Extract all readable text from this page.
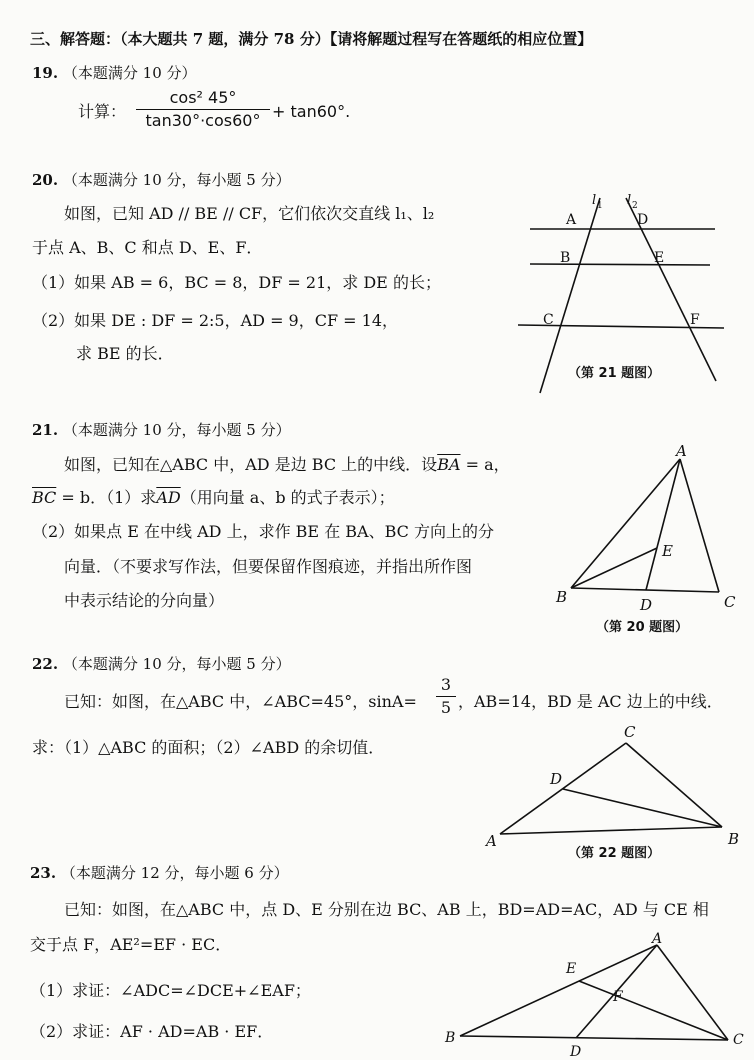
三、解答题：（本大题共 7 题，满分 78 分）【请将解题过程写在答题纸的相应位置】
19. （本题满分 10 分）
计算：
cos² 45°
tan30°·cos60° + tan60°.
20. （本题满分 10 分，每小题 5 分）
如图，已知 AD // BE // CF，它们依次交直线 l₁、l₂
于点 A、B、C 和点 D、E、F．
（1）如果 AB = 6，BC = 8，DF = 21，求 DE 的长；
（2）如果 DE : DF = 2:5，AD = 9，CF = 14，
求 BE 的长．
A	D
B	E
C	F
l 1 l 2
（第 21 题图）
21. （本题满分 10 分，每小题 5 分）
如图，已知在△ABC 中，AD 是边 BC 上的中线．设$\overline{BA} = a$，
$\overline{BC} = b$．（1）求$\overline{AD}$（用向量 a、b 的式子表示）；
（2）如果点 E 在中线 AD 上，求作 BE 在 BA、BC 方向上的分
向量．（不要求写作法，但要保留作图痕迹，并指出所作图
中表示结论的分向量）
A
B	C
D
E
（第 20 题图）
22. （本题满分 10 分，每小题 5 分）
已知：如图，在△ABC 中，∠ABC=45°，sinA=
3
5 ，AB=14，BD 是 AC 边上的中线．
求：（1）△ABC 的面积；（2）∠ABD 的余切值．
C
D
A	B
（第 22 题图）
23. （本题满分 12 分，每小题 6 分）
已知：如图，在△ABC 中，点 D、E 分别在边 BC、AB 上，BD=AD=AC，AD 与 CE 相
交于点 F，AE²=EF · EC．
（1）求证：∠ADC=∠DCE+∠EAF；
（2）求证：AF · AD=AB · EF．
A
E
F
B
D
C
